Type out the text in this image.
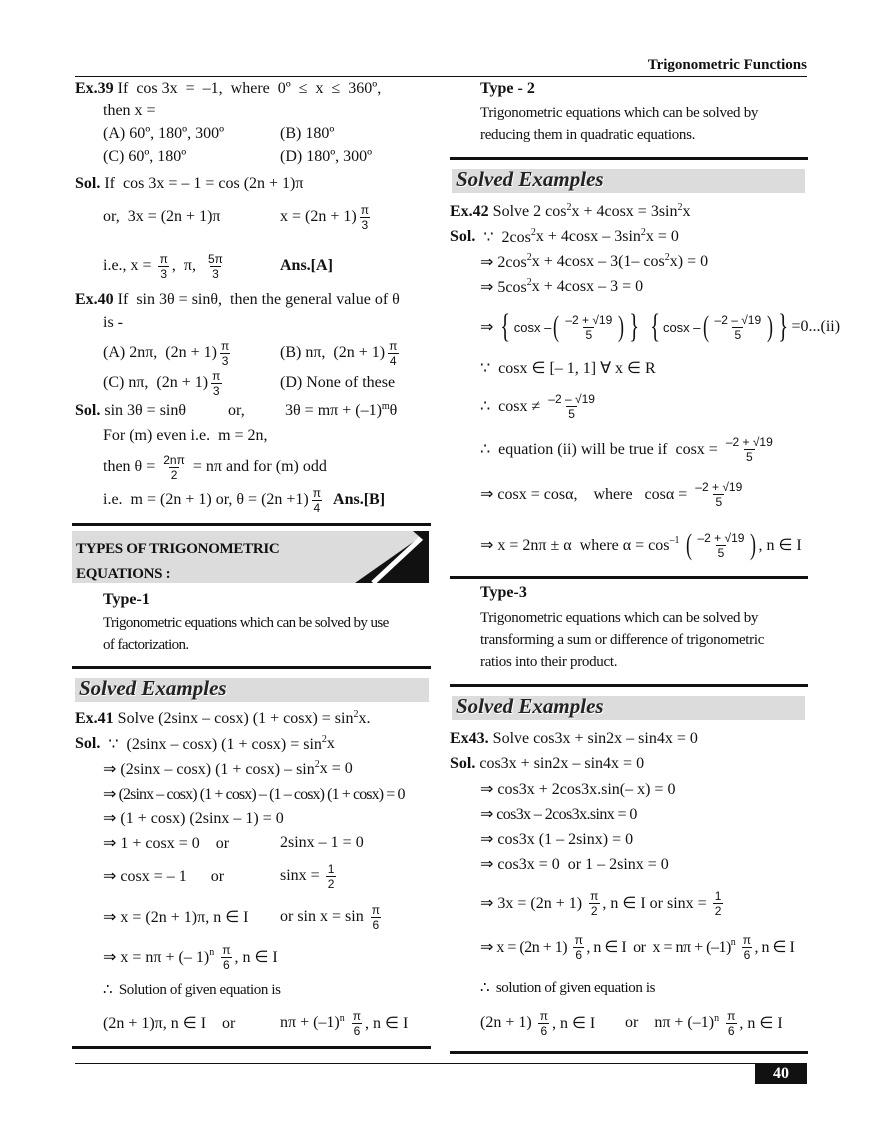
Trigonometric Functions
Ex.39 If  cos 3x  =  –1,  where  0º  ≤  x  ≤  360º,
then x =
(A) 60º, 180º, 300º	(B) 180º
(C) 60º, 180º	(D) 180º, 300º
Sol. If  cos 3x = – 1 = cos (2n + 1)π
or,  3x = (2n + 1)π	$x = (2n + 1) \frac{\pi}{3}$
i.e., $x = \frac{\pi}{3}$ ,  π, $\frac{5\pi}{3}$	Ans.[A]
Ex.40 If  sin 3θ = sinθ,  then the general value of θ
is -
(A) 2nπ,  $(2n + 1) \frac{\pi}{3}$	(B) nπ,  $(2n + 1) \frac{\pi}{4}$
(C) nπ,  $(2n + 1) \frac{\pi}{3}$	(D) None of these
Sol. sin 3θ = sinθ	or,	$3\theta = m\pi + (-1)^m$ θ
For (m) even i.e.  m = 2n,
then $\theta = \frac{2n\pi}{2} = n\pi$ and for (m) odd
i.e.  m = (2n + 1) or, $\theta = (2n +1) \frac{\pi}{4}$
Ans.[B]
TYPES OF TRIGONOMETRIC
EQUATIONS :
Type-1
Trigonometric equations which can be solved by use
of factorization.
Solved Examples
Ex.41 Solve (2sinx – cosx) $(1 + \cos x) = \sin^2 x$.
Sol. ∵  (2sinx – cosx) $(1 + \cos x) = \sin^2 x$
⇒ (2sinx – cosx) $(1 + \cos x) - \sin^2 x = 0$
⇒ (2sinx – cosx) (1 + cosx) – (1 – cosx) (1 + cosx) = 0
⇒ (1 + cosx) (2sinx – 1) = 0
⇒ 1 + cosx = 0    or	2sinx – 1 = 0
⇒ cosx = – 1      or	$\sin x = \frac{1}{2}$
⇒ x = (2n + 1)π, n ∈ I or $\sin x = \sin \frac{\pi}{6}$
⇒ x = nπ + (– 1)$^n$
$\frac{\pi}{6}$ , n ∈ I
∴  Solution of given equation is
(2n + 1)π, n ∈ I    or	$n\pi + (-1)^n$
$\frac{\pi}{6}$ , n ∈ I
Type - 2
Trigonometric equations which can be solved by
reducing them in quadratic equations.
Solved Examples
Ex.42 Solve 2 $\cos^2 x + 4\cos x = 3\sin^2$ x
Sol. ∵  $2\cos^2$ $x + 4\cos x - 3\sin^2$ x = 0
⇒ $2\cos^2$ x + 4cosx – 3(1– $\cos^2 x) = 0$
⇒ $5\cos^2$ x + 4cosx – 3 = 0
⇒ { cosx – ( $\frac{-2 + √19}{5}$ ) }
{ cosx – ( $\frac{-2 - √19}{5}$ ) } =0...(ii)
∵  cosx ∈ [– 1, 1] ∀ x ∈ R
∴  $\cos x \ne \frac{-2 - √19}{5}$
∴  equation (ii) will be true if  $\cos x = \frac{-2 + √19}{5}$
⇒ cosx = cosα,    where   $\cos\alpha = \frac{-2 + √19}{5}$
⇒ x = 2nπ ± α  where $\alpha = \cos^{-1}$
( $\frac{-2 + √19}{5}$ ) , n ∈ I
Type-3
Trigonometric equations which can be solved by
transforming a sum or difference of trigonometric
ratios into their product.
Solved Examples
Ex43. Solve cos3x + sin2x – sin4x = 0
Sol. cos3x + sin2x – sin4x = 0
⇒ cos3x + 2cos3x.sin(– x) = 0
⇒ cos3x – 2cos3x.sinx = 0
⇒ cos3x (1 – 2sinx) = 0
⇒ cos3x = 0  or 1 – 2sinx = 0
⇒ $3x = (2n + 1) \frac{\pi}{2}$ , n ∈ I or $\sin x = \frac{1}{2}$
⇒ $x = (2n + 1) \frac{\pi}{6}$ , n ∈ I  or  $x = n\pi + (-1)^n$
$\frac{\pi}{6}$ , n ∈ I
∴  solution of given equation is
$(2n + 1) \frac{\pi}{6}$ , n ∈ I or    $n\pi + (-1)^n$
$\frac{\pi}{6}$ , n ∈ I
40
